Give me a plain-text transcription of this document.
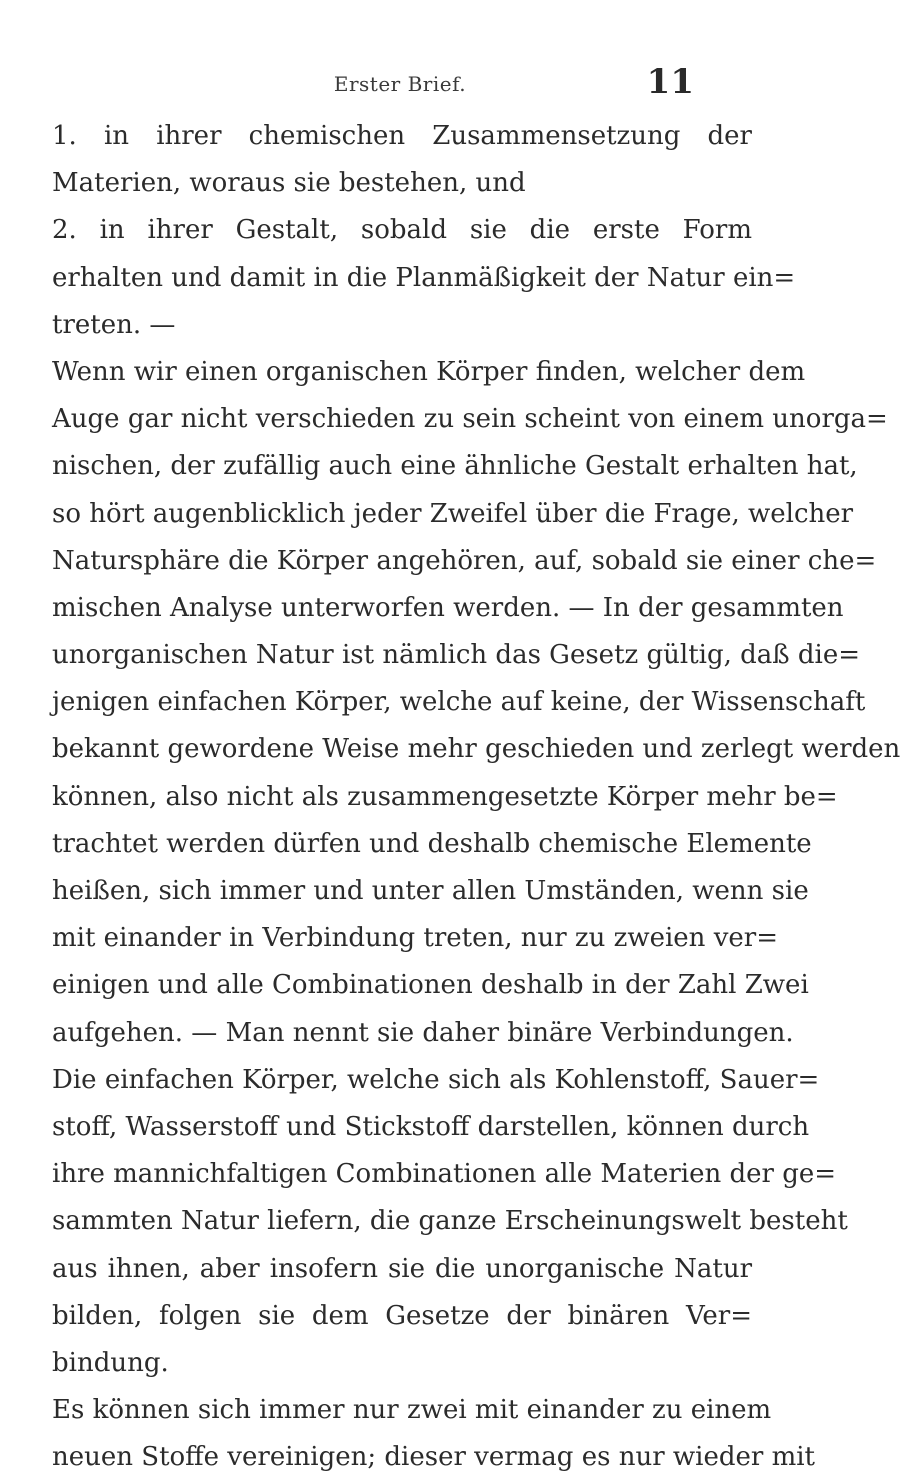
Erster Brief.	11
1. in ihrer chemischen Zusammensetzung der
Materien, woraus sie bestehen, und
2. in ihrer Gestalt, sobald sie die erste Form
erhalten und damit in die Planmäßigkeit der Natur ein=
treten. —
Wenn wir einen organischen Körper finden, welcher dem
Auge gar nicht verschieden zu sein scheint von einem unorga=
nischen, der zufällig auch eine ähnliche Gestalt erhalten hat,
so hört augenblicklich jeder Zweifel über die Frage, welcher
Natursphäre die Körper angehören, auf, sobald sie einer che=
mischen Analyse unterworfen werden. — In der gesammten
unorganischen Natur ist nämlich das Gesetz gültig, daß die=
jenigen einfachen Körper, welche auf keine, der Wissenschaft
bekannt gewordene Weise mehr geschieden und zerlegt werden
können, also nicht als zusammengesetzte Körper mehr be=
trachtet werden dürfen und deshalb chemische Elemente
heißen, sich immer und unter allen Umständen, wenn sie
mit einander in Verbindung treten, nur zu zweien ver=
einigen und alle Combinationen deshalb in der Zahl Zwei
aufgehen. — Man nennt sie daher binäre Verbindungen.
Die einfachen Körper, welche sich als Kohlenstoff, Sauer=
stoff, Wasserstoff und Stickstoff darstellen, können durch
ihre mannichfaltigen Combinationen alle Materien der ge=
sammten Natur liefern, die ganze Erscheinungswelt besteht
aus ihnen, aber insofern sie die unorganische Natur
bilden, folgen sie dem Gesetze der binären Ver=
bindung.
Es können sich immer nur zwei mit einander zu einem
neuen Stoffe vereinigen; dieser vermag es nur wieder mit
